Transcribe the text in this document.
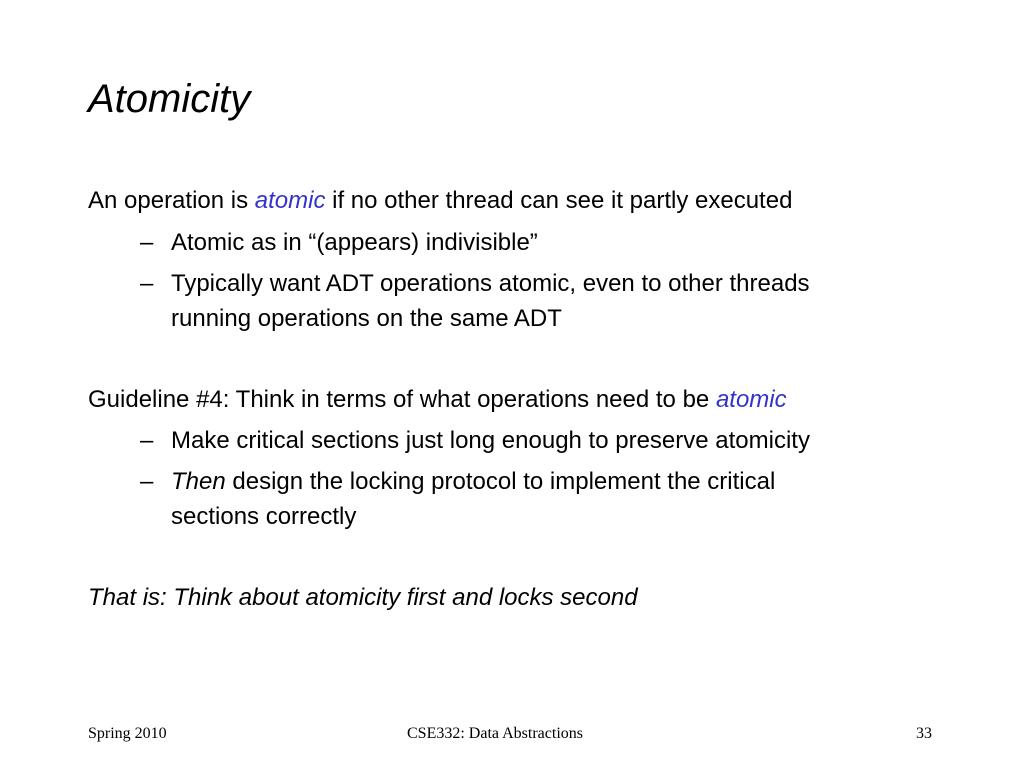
Atomicity
An operation is atomic if no other thread can see it partly executed
– Atomic as in “(appears) indivisible”
– Typically want ADT operations atomic, even to other threads
running operations on the same ADT
Guideline #4: Think in terms of what operations need to be atomic
– Make critical sections just long enough to preserve atomicity
– Then design the locking protocol to implement the critical
sections correctly
That is: Think about atomicity first and locks second
Spring 2010	CSE332: Data Abstractions	33
